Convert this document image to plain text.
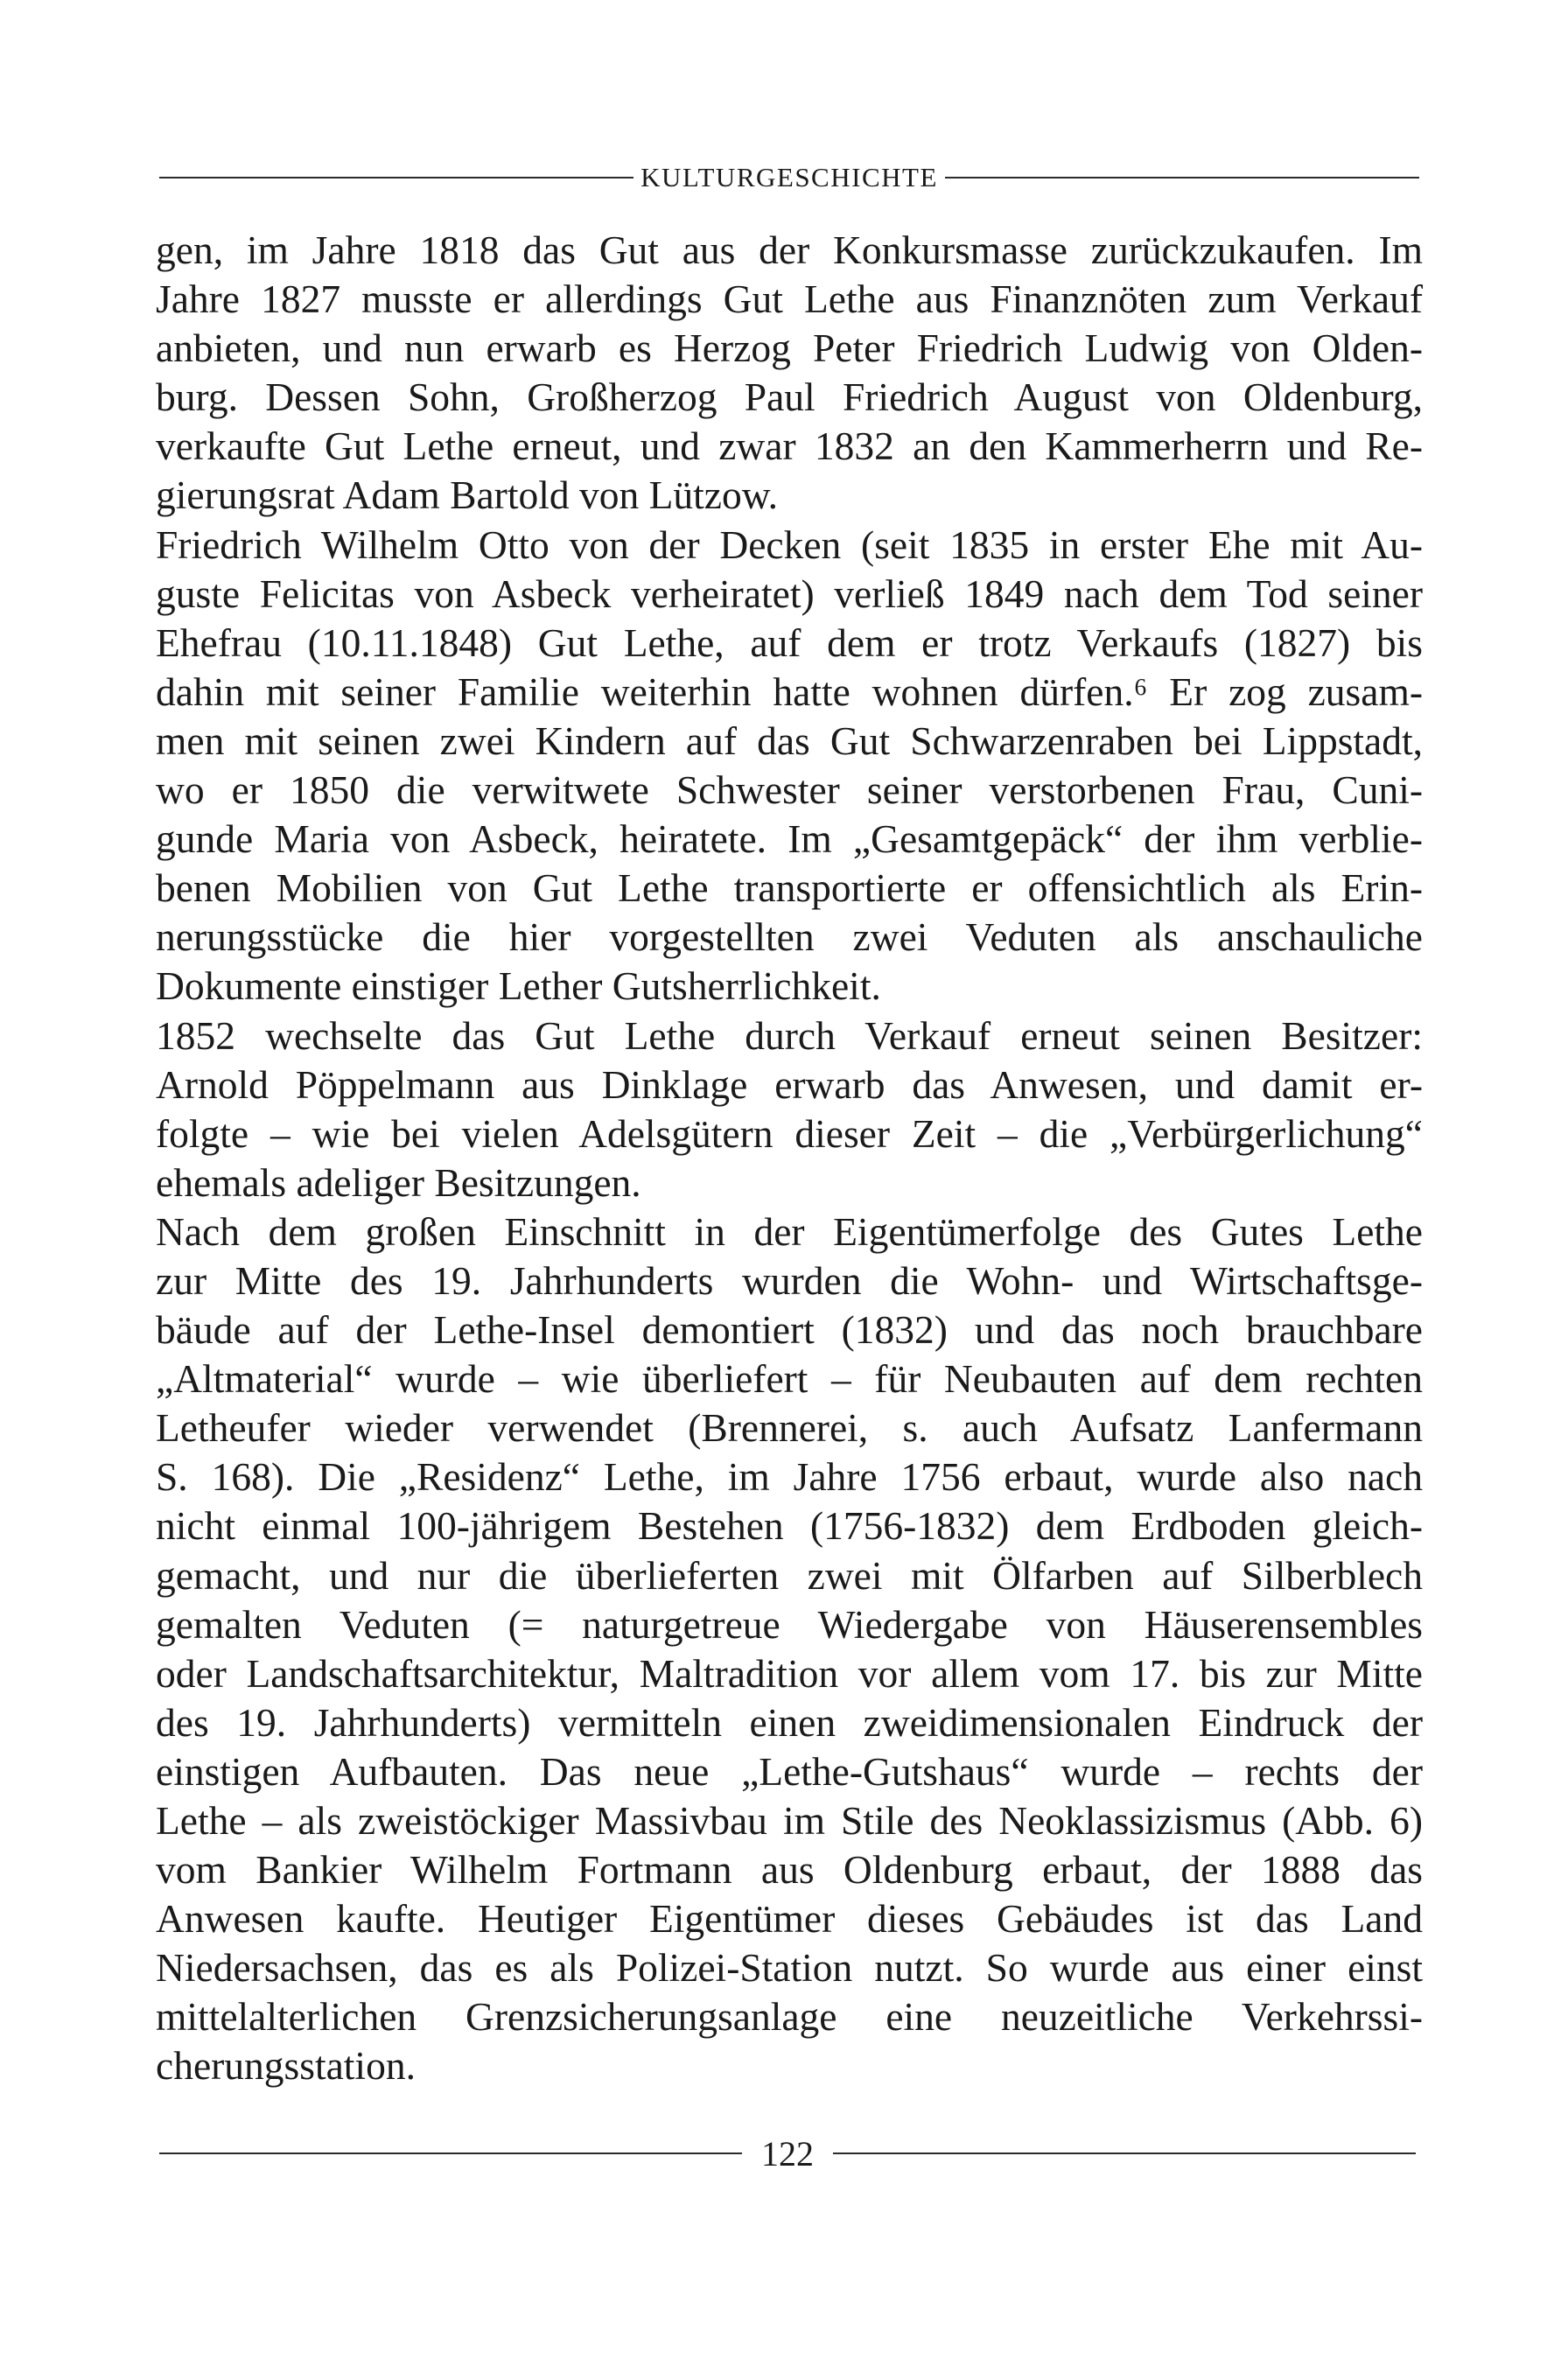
KULTURGESCHICHTE
gen, im Jahre 1818 das Gut aus der Konkursmasse zurückzukaufen. Im
Jahre 1827 musste er allerdings Gut Lethe aus Finanznöten zum Verkauf
anbieten, und nun erwarb es Herzog Peter Friedrich Ludwig von Olden-
burg. Dessen Sohn, Großherzog Paul Friedrich August von Oldenburg,
verkaufte Gut Lethe erneut, und zwar 1832 an den Kammerherrn und Re-
gierungsrat Adam Bartold von Lützow.
Friedrich Wilhelm Otto von der Decken (seit 1835 in erster Ehe mit Au-
guste Felicitas von Asbeck verheiratet) verließ 1849 nach dem Tod seiner
Ehefrau (10.11.1848) Gut Lethe, auf dem er trotz Verkaufs (1827) bis
dahin mit seiner Familie weiterhin hatte wohnen dürfen.⁶ Er zog zusam-
men mit seinen zwei Kindern auf das Gut Schwarzenraben bei Lippstadt,
wo er 1850 die verwitwete Schwester seiner verstorbenen Frau, Cuni-
gunde Maria von Asbeck, heiratete. Im „Gesamtgepäck“ der ihm verblie-
benen Mobilien von Gut Lethe transportierte er offensichtlich als Erin-
nerungsstücke die hier vorgestellten zwei Veduten als anschauliche
Dokumente einstiger Lether Gutsherrlichkeit.
1852 wechselte das Gut Lethe durch Verkauf erneut seinen Besitzer:
Arnold Pöppelmann aus Dinklage erwarb das Anwesen, und damit er-
folgte – wie bei vielen Adelsgütern dieser Zeit – die „Verbürgerlichung“
ehemals adeliger Besitzungen.
Nach dem großen Einschnitt in der Eigentümerfolge des Gutes Lethe
zur Mitte des 19. Jahrhunderts wurden die Wohn- und Wirtschaftsge-
bäude auf der Lethe-Insel demontiert (1832) und das noch brauchbare
„Altmaterial“ wurde – wie überliefert – für Neubauten auf dem rechten
Letheufer wieder verwendet (Brennerei, s. auch Aufsatz Lanfermann
S. 168). Die „Residenz“ Lethe, im Jahre 1756 erbaut, wurde also nach
nicht einmal 100-jährigem Bestehen (1756-1832) dem Erdboden gleich-
gemacht, und nur die überlieferten zwei mit Ölfarben auf Silberblech
gemalten Veduten (= naturgetreue Wiedergabe von Häuserensembles
oder Landschaftsarchitektur, Maltradition vor allem vom 17. bis zur Mitte
des 19. Jahrhunderts) vermitteln einen zweidimensionalen Eindruck der
einstigen Aufbauten. Das neue „Lethe-Gutshaus“ wurde – rechts der
Lethe – als zweistöckiger Massivbau im Stile des Neoklassizismus (Abb. 6)
vom Bankier Wilhelm Fortmann aus Oldenburg erbaut, der 1888 das
Anwesen kaufte. Heutiger Eigentümer dieses Gebäudes ist das Land
Niedersachsen, das es als Polizei-Station nutzt. So wurde aus einer einst
mittelalterlichen Grenzsicherungsanlage eine neuzeitliche Verkehrssi-
cherungsstation.
122
